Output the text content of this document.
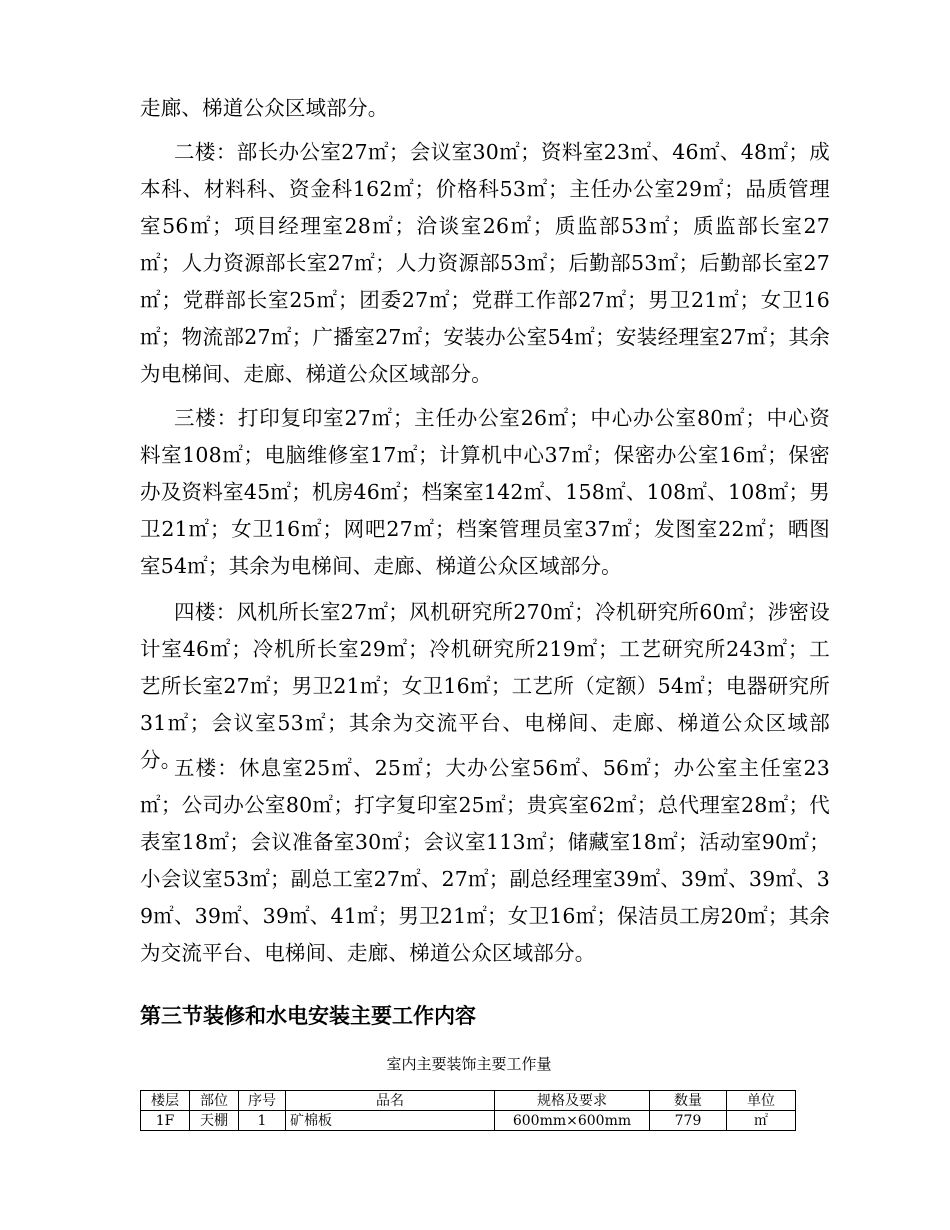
走廊、梯道公众区域部分。

二楼：部长办公室27㎡；会议室30㎡；资料室23㎡、46㎡、48㎡；成本科、材料科、资金科162㎡；价格科53㎡；主任办公室29㎡；品质管理室56㎡；项目经理室28㎡；洽谈室26㎡；质监部53㎡；质监部长室27㎡；人力资源部长室27㎡；人力资源部53㎡；后勤部53㎡；后勤部长室27㎡；党群部长室25㎡；团委27㎡；党群工作部27㎡；男卫21㎡；女卫16㎡；物流部27㎡；广播室27㎡；安装办公室54㎡；安装经理室27㎡；其余为电梯间、走廊、梯道公众区域部分。

三楼：打印复印室27㎡；主任办公室26㎡；中心办公室80㎡；中心资料室108㎡；电脑维修室17㎡；计算机中心37㎡；保密办公室16㎡；保密办及资料室45㎡；机房46㎡；档案室142㎡、158㎡、108㎡、108㎡；男卫21㎡；女卫16㎡；网吧27㎡；档案管理员室37㎡；发图室22㎡；晒图室54㎡；其余为电梯间、走廊、梯道公众区域部分。

四楼：风机所长室27㎡；风机研究所270㎡；冷机研究所60㎡；涉密设计室46㎡；冷机所长室29㎡；冷机研究所219㎡；工艺研究所243㎡；工艺所长室27㎡；男卫21㎡；女卫16㎡；工艺所（定额）54㎡；电器研究所31㎡；会议室53㎡；其余为交流平台、电梯间、走廊、梯道公众区域部分。

五楼：休息室25㎡、25㎡；大办公室56㎡、56㎡；办公室主任室23㎡；公司办公室80㎡；打字复印室25㎡；贵宾室62㎡；总代理室28㎡；代表室18㎡；会议准备室30㎡；会议室113㎡；储藏室18㎡；活动室90㎡；小会议室53㎡；副总工室27㎡、27㎡；副总经理室39㎡、39㎡、39㎡、39㎡、39㎡、39㎡、41㎡；男卫21㎡；女卫16㎡；保洁员工房20㎡；其余为交流平台、电梯间、走廊、梯道公众区域部分。

第三节装修和水电安装主要工作内容
室内主要装饰主要工作量
楼层	部位	序号	品名	规格及要求	数量	单位
1F	天棚	1	矿棉板	600mm×600mm	779	㎡
